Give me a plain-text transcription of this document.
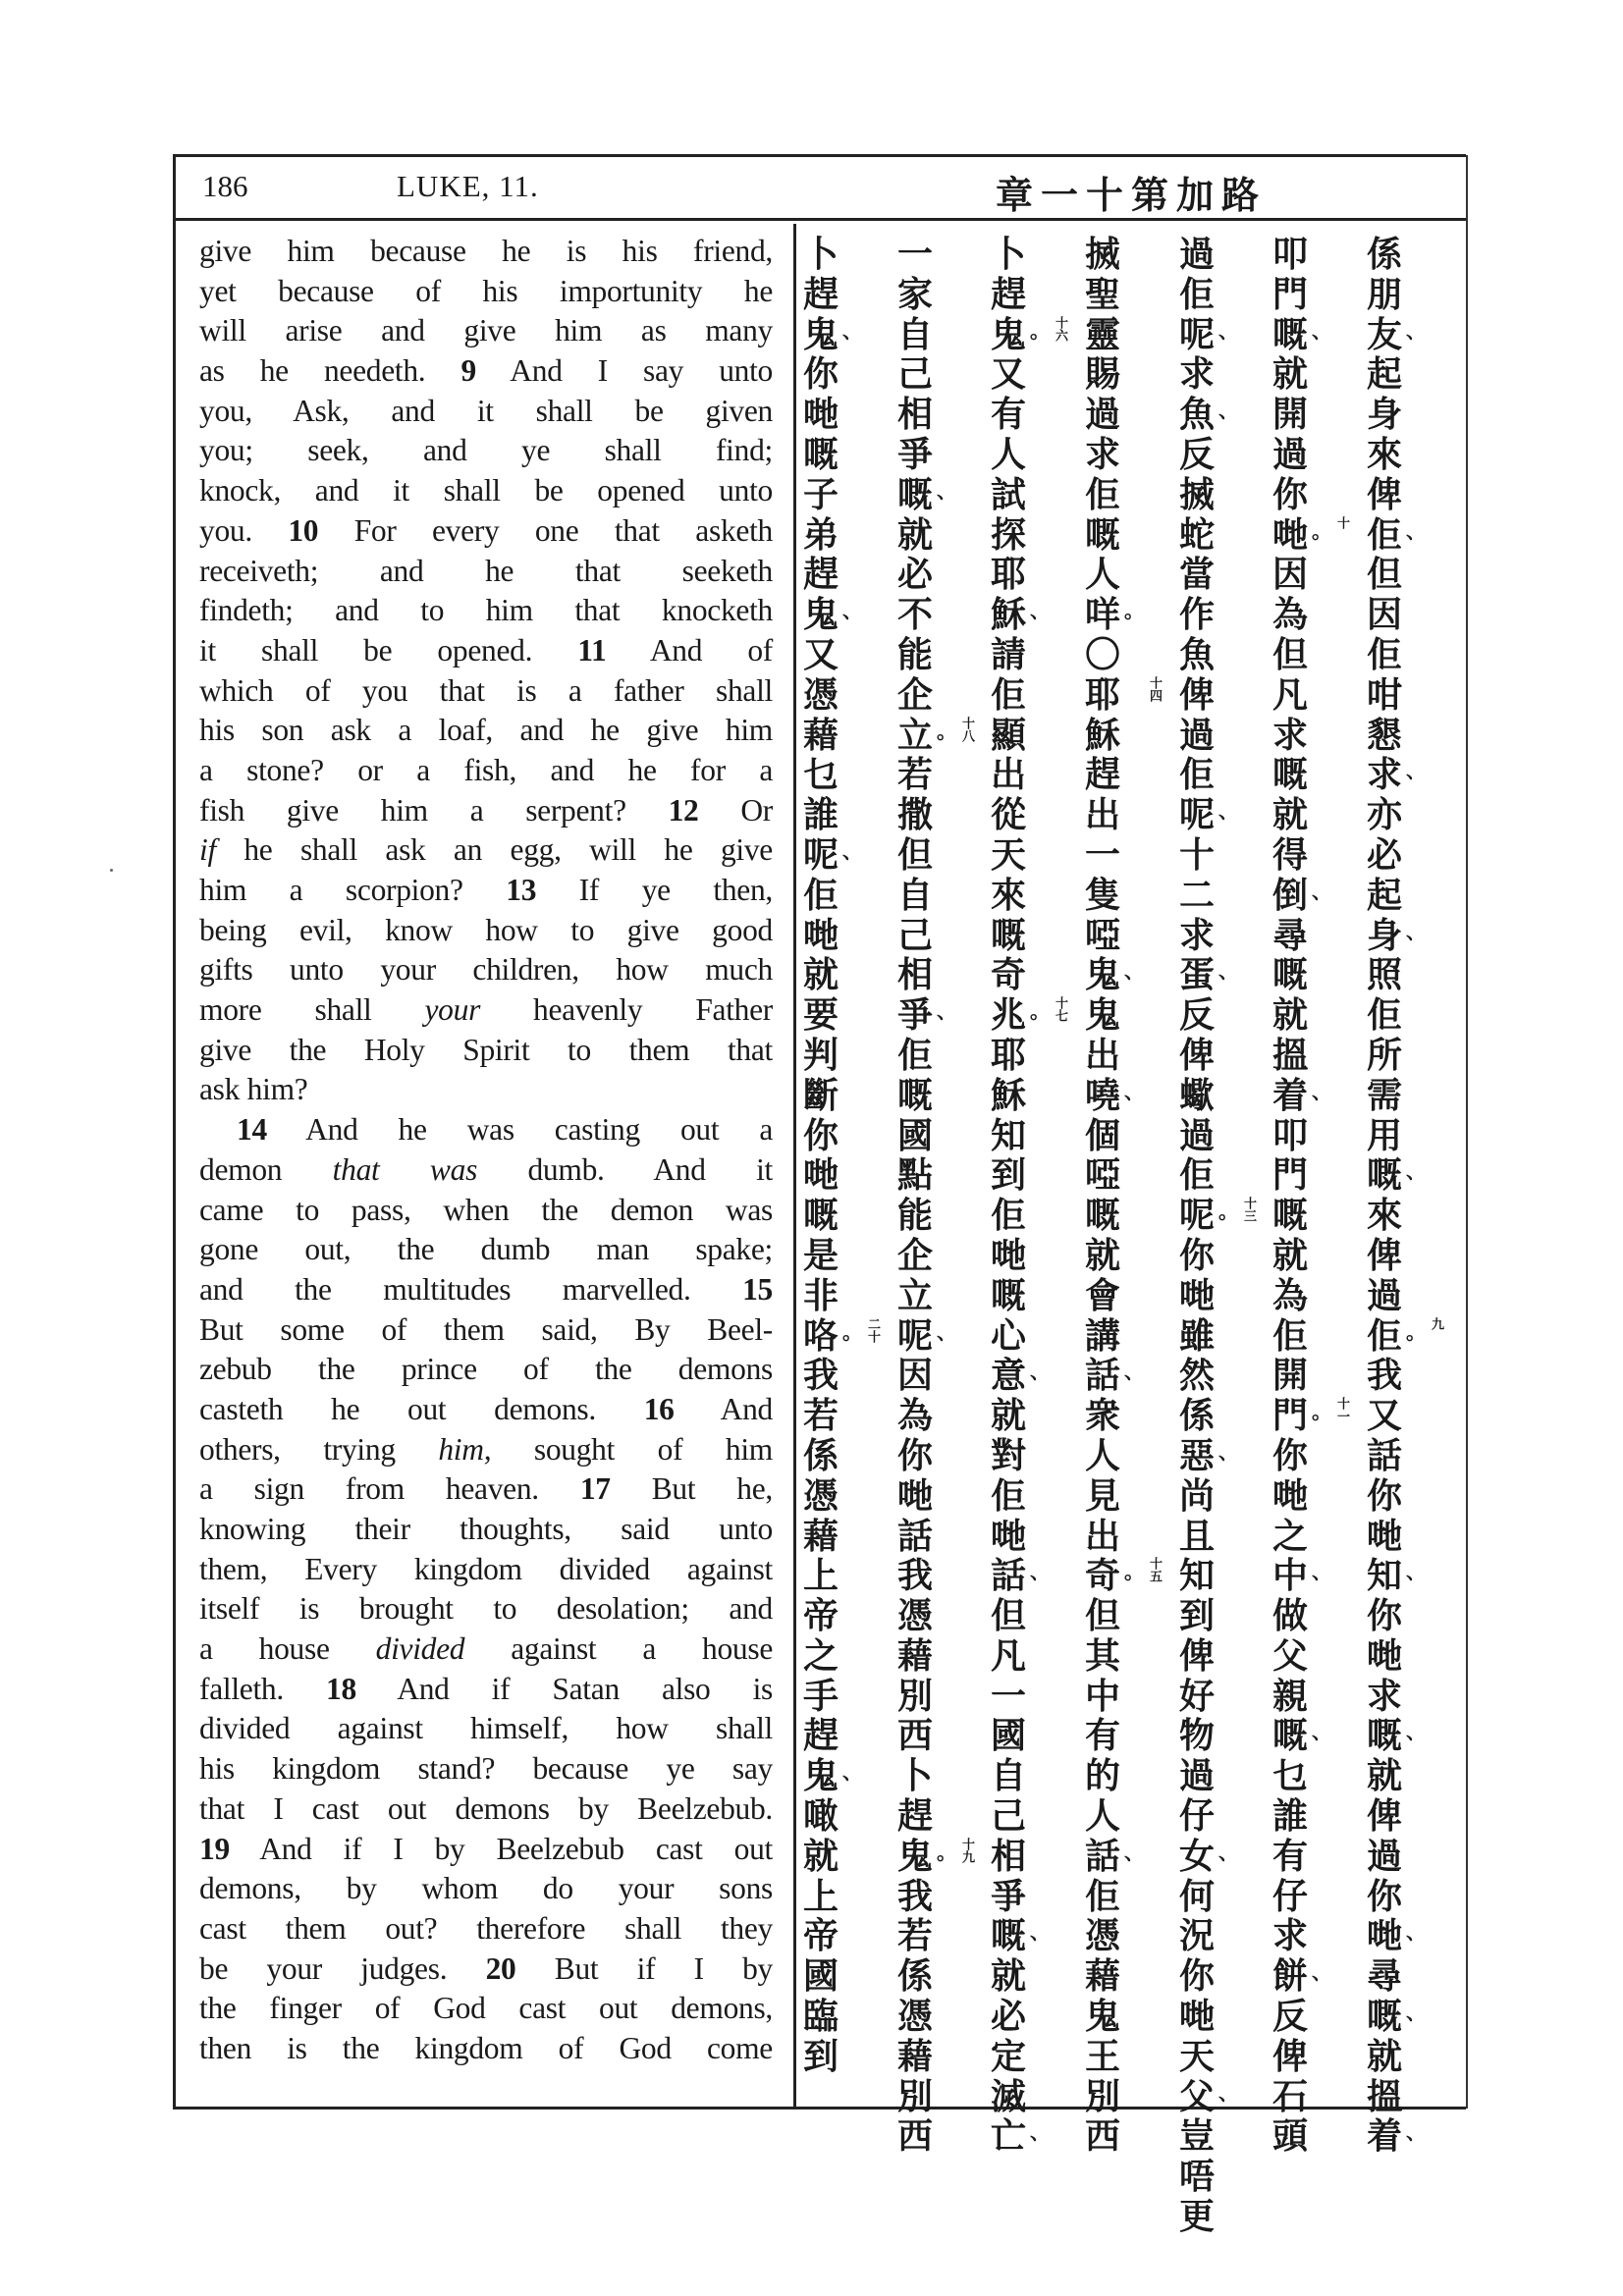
186	LUKE, 11.	章一十第加路
give him because he is his friend,
yet because of his importunity he
will arise and give him as many
as he needeth. 9 And I say unto
you, Ask, and it shall be given
you; seek, and ye shall find;
knock, and it shall be opened unto
you. 10 For every one that asketh
receiveth; and he that seeketh
findeth; and to him that knocketh
it shall be opened. 11 And of
which of you that is a father shall
his son ask a loaf, and he give him
a stone? or a fish, and he for a
fish give him a serpent? 12 Or
if he shall ask an egg, will he give
him a scorpion? 13 If ye then,
being evil, know how to give good
gifts unto your children, how much
more shall your heavenly Father
give the Holy Spirit to them that
ask him?
14 And he was casting out a
demon that was dumb. And it
came to pass, when the demon was
gone out, the dumb man spake;
and the multitudes marvelled. 15
But some of them said, By Beel-
zebub the prince of the demons
casteth he out demons. 16 And
others, trying him, sought of him
a sign from heaven. 17 But he,
knowing their thoughts, said unto
them, Every kingdom divided against
itself is brought to desolation; and
a house divided against a house
falleth. 18 And if Satan also is
divided against himself, how shall
his kingdom stand? because ye say
that I cast out demons by Beelzebub.
19 And if I by Beelzebub cast out
demons, by whom do your sons
cast them out? therefore shall they
be your judges. 20 But if I by
the finger of God cast out demons,
then is the kingdom of God come
係
朋
友 、
起
身
來
俾
佢 、
但
因
佢
咁
懇
求 、
亦
必
起
身 、
照
佢
所
需
用
嘅 、
來
俾
過
佢 。 九
我
又
話
你
哋
知 、
你
哋
求
嘅 、
就
俾
過
你
哋 、
尋
嘅 、
就
搵
着 、
叩
門
嘅 、
就
開
過
你
哋 。 十
因
為
但
凡
求
嘅
就
得
倒 、
尋
嘅
就
搵
着 、
叩
門
嘅
就
為
佢
開
門 。 十一
你
哋
之
中 、
做
父
親
嘅 、
乜
誰
有
仔
求
餅 、
反
俾
石
頭
過
佢
呢 、
求
魚 、
反
搣
蛇
當
作
魚
俾
過
佢
呢 、
十
二
求
蛋 、
反
俾
蠍
過
佢
呢 。 十三
你
哋
雖
然
係
惡 、
尚
且
知
到
俾
好
物
過
仔
女 、
何
況
你
哋
天
父 、
豈
唔
更
搣
聖
靈
賜
過
求
佢
嘅
人
咩 。
〇
耶	十四
穌
趕
出
一
隻
啞
鬼 、
鬼
出
嘵 、
個
啞
嘅
就
會
講
話 、
衆
人
見
出
奇 。 十五
但
其
中
有
的
人
話 、
佢
憑
藉
鬼
王
別
西
卜
趕
鬼 。 十六
又
有
人
試
探
耶
穌 、
請
佢
顯
出
從
天
來
嘅
奇
兆 。 十七
耶
穌
知
到
佢
哋
嘅
心
意 、
就
對
佢
哋
話 、
但
凡
一
國
自
己
相
爭
嘅 、
就
必
定
滅
亡 、
一
家
自
己
相
爭
嘅 、
就
必
不
能
企
立 。 十八
若
撒
但
自
己
相
爭 、
佢
嘅
國
點
能
企
立
呢 、
因
為
你
哋
話
我
憑
藉
別
西
卜
趕
鬼 。 十九
我
若
係
憑
藉
別
西
卜
趕
鬼 、
你
哋
嘅
子
弟
趕
鬼 、
又
憑
藉
乜
誰
呢 、
佢
哋
就
要
判
斷
你
哋
嘅
是
非
咯 。 二十
我
若
係
憑
藉
上
帝
之
手
趕
鬼 、
噉
就
上
帝
國
臨
到
